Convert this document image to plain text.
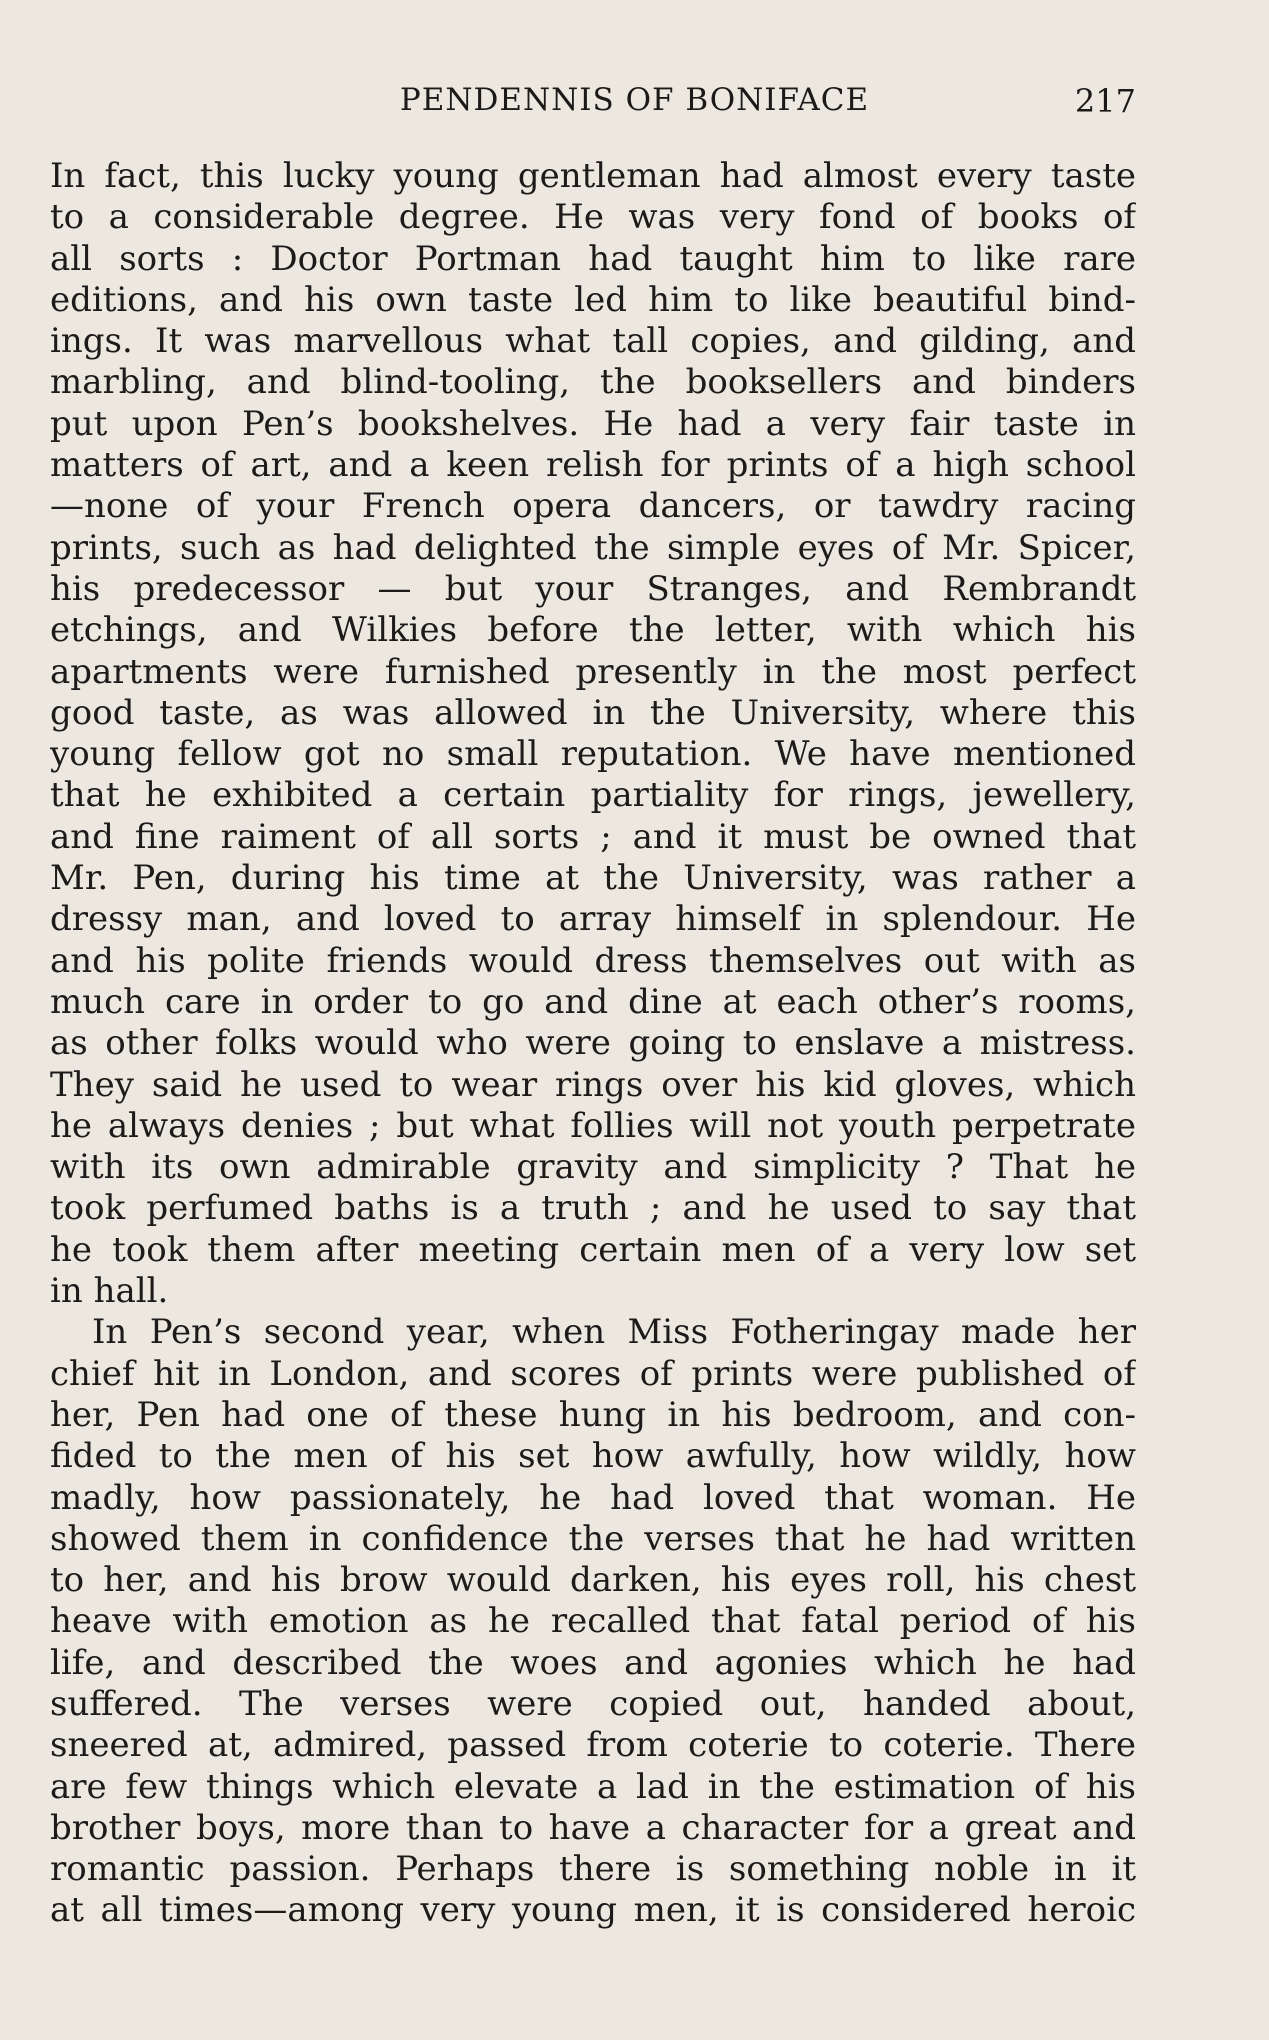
PENDENNIS OF BONIFACE	217
In fact, this lucky young gentleman had almost every taste
to a considerable degree. He was very fond of books of
all sorts : Doctor Portman had taught him to like rare
editions, and his own taste led him to like beautiful bind-
ings. It was marvellous what tall copies, and gilding, and
marbling, and blind-tooling, the booksellers and binders
put upon Pen’s bookshelves. He had a very fair taste in
matters of art, and a keen relish for prints of a high school
—none of your French opera dancers, or tawdry racing
prints, such as had delighted the simple eyes of Mr. Spicer,
his predecessor — but your Stranges, and Rembrandt
etchings, and Wilkies before the letter, with which his
apartments were furnished presently in the most perfect
good taste, as was allowed in the University, where this
young fellow got no small reputation. We have mentioned
that he exhibited a certain partiality for rings, jewellery,
and fine raiment of all sorts ; and it must be owned that
Mr. Pen, during his time at the University, was rather a
dressy man, and loved to array himself in splendour. He
and his polite friends would dress themselves out with as
much care in order to go and dine at each other’s rooms,
as other folks would who were going to enslave a mistress.
They said he used to wear rings over his kid gloves, which
he always denies ; but what follies will not youth perpetrate
with its own admirable gravity and simplicity ? That he
took perfumed baths is a truth ; and he used to say that
he took them after meeting certain men of a very low set
in hall.
In Pen’s second year, when Miss Fotheringay made her
chief hit in London, and scores of prints were published of
her, Pen had one of these hung in his bedroom, and con-
fided to the men of his set how awfully, how wildly, how
madly, how passionately, he had loved that woman. He
showed them in confidence the verses that he had written
to her, and his brow would darken, his eyes roll, his chest
heave with emotion as he recalled that fatal period of his
life, and described the woes and agonies which he had
suffered. The verses were copied out, handed about,
sneered at, admired, passed from coterie to coterie. There
are few things which elevate a lad in the estimation of his
brother boys, more than to have a character for a great and
romantic passion. Perhaps there is something noble in it
at all times—among very young men, it is considered heroic
